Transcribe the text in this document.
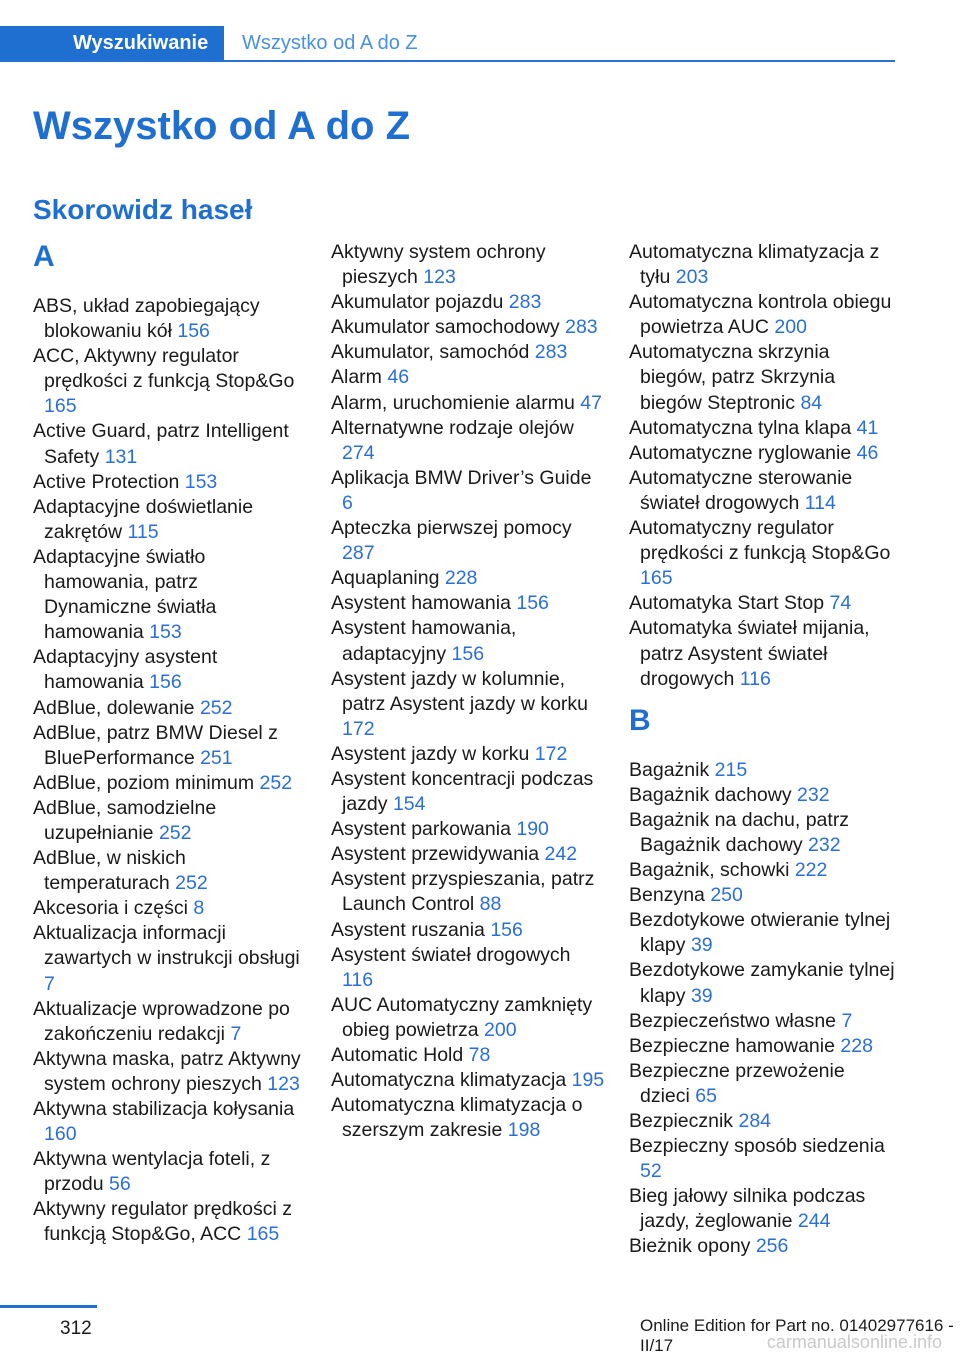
Wyszukiwanie	Wszystko od A do Z
Wszystko od A do Z
Skorowidz haseł
A
ABS, układ zapobiegający blokowaniu kół 156
ACC, Aktywny regulator prędkości z funkcją Stop&Go 165
Active Guard, patrz Intelligent Safety 131
Active Protection 153
Adaptacyjne doświetlanie zakrętów 115
Adaptacyjne światło hamowania, patrz Dynamiczne światła hamowania 153
Adaptacyjny asystent hamowania 156
AdBlue, dolewanie 252
AdBlue, patrz BMW Diesel z BluePerformance 251
AdBlue, poziom minimum 252
AdBlue, samodzielne uzupełnianie 252
AdBlue, w niskich temperaturach 252
Akcesoria i części 8
Aktualizacja informacji zawartych w instrukcji obsługi 7
Aktualizacje wprowadzone po zakończeniu redakcji 7
Aktywna maska, patrz Aktywny system ochrony pieszych 123
Aktywna stabilizacja kołysania 160
Aktywna wentylacja foteli, z przodu 56
Aktywny regulator prędkości z funkcją Stop&Go, ACC 165
Aktywny system ochrony pieszych 123
Akumulator pojazdu 283
Akumulator samochodowy 283
Akumulator, samochód 283
Alarm 46
Alarm, uruchomienie alarmu 47
Alternatywne rodzaje olejów 274
Aplikacja BMW Driver’s Guide 6
Apteczka pierwszej pomocy 287
Aquaplaning 228
Asystent hamowania 156
Asystent hamowania, adaptacyjny 156
Asystent jazdy w kolumnie, patrz Asystent jazdy w korku 172
Asystent jazdy w korku 172
Asystent koncentracji podczas jazdy 154
Asystent parkowania 190
Asystent przewidywania 242
Asystent przyspieszania, patrz Launch Control 88
Asystent ruszania 156
Asystent świateł drogowych 116
AUC Automatyczny zamknięty obieg powietrza 200
Automatic Hold 78
Automatyczna klimatyzacja 195
Automatyczna klimatyzacja o szerszym zakresie 198
Automatyczna klimatyzacja z tyłu 203
Automatyczna kontrola obiegu powietrza AUC 200
Automatyczna skrzynia biegów, patrz Skrzynia biegów Steptronic 84
Automatyczna tylna klapa 41
Automatyczne ryglowanie 46
Automatyczne sterowanie świateł drogowych 114
Automatyczny regulator prędkości z funkcją Stop&Go 165
Automatyka Start Stop 74
Automatyka świateł mijania, patrz Asystent świateł drogowych 116
B
Bagażnik 215
Bagażnik dachowy 232
Bagażnik na dachu, patrz Bagażnik dachowy 232
Bagażnik, schowki 222
Benzyna 250
Bezdotykowe otwieranie tylnej klapy 39
Bezdotykowe zamykanie tylnej klapy 39
Bezpieczeństwo własne 7
Bezpieczne hamowanie 228
Bezpieczne przewożenie dzieci 65
Bezpiecznik 284
Bezpieczny sposób siedzenia 52
Bieg jałowy silnika podczas jazdy, żeglowanie 244
Bieżnik opony 256
312	Online Edition for Part no. 01402977616 - II/17	carmanualsonline.info
